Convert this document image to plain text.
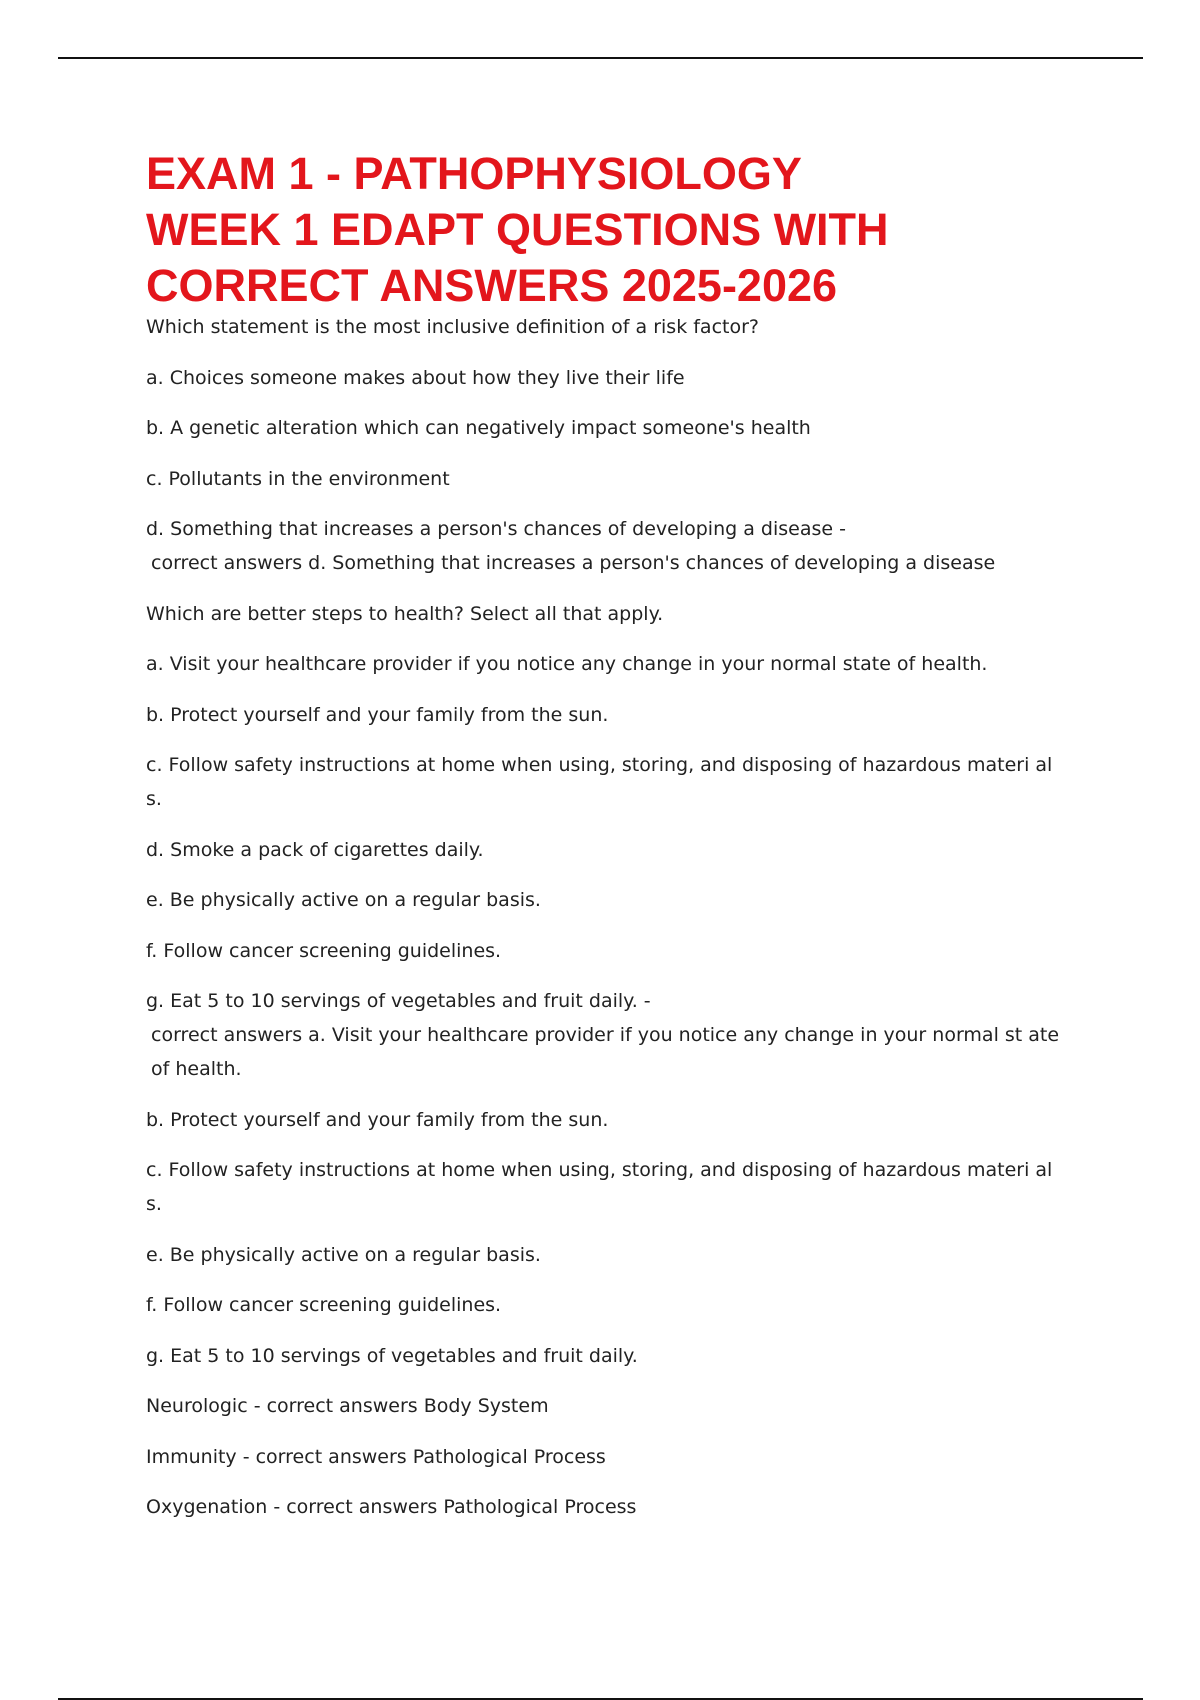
EXAM 1 - PATHOPHYSIOLOGY
WEEK 1 EDAPT QUESTIONS WITH
CORRECT ANSWERS 2025-2026

Which statement is the most inclusive definition of a risk factor?

a. Choices someone makes about how they live their life

b. A genetic alteration which can negatively impact someone's health

c. Pollutants in the environment

d. Something that increases a person's chances of developing a disease -
correct answers d. Something that increases a person's chances of developing a disease

Which are better steps to health? Select all that apply.

a. Visit your healthcare provider if you notice any change in your normal state of health.

b. Protect yourself and your family from the sun.

c. Follow safety instructions at home when using, storing, and disposing of hazardous materi als.

d. Smoke a pack of cigarettes daily.

e. Be physically active on a regular basis.

f. Follow cancer screening guidelines.

g. Eat 5 to 10 servings of vegetables and fruit daily. -
correct answers a. Visit your healthcare provider if you notice any change in your normal st ate of health.

b. Protect yourself and your family from the sun.

c. Follow safety instructions at home when using, storing, and disposing of hazardous materi als.

e. Be physically active on a regular basis.

f. Follow cancer screening guidelines.

g. Eat 5 to 10 servings of vegetables and fruit daily.

Neurologic - correct answers Body System

Immunity - correct answers Pathological Process

Oxygenation - correct answers Pathological Process
